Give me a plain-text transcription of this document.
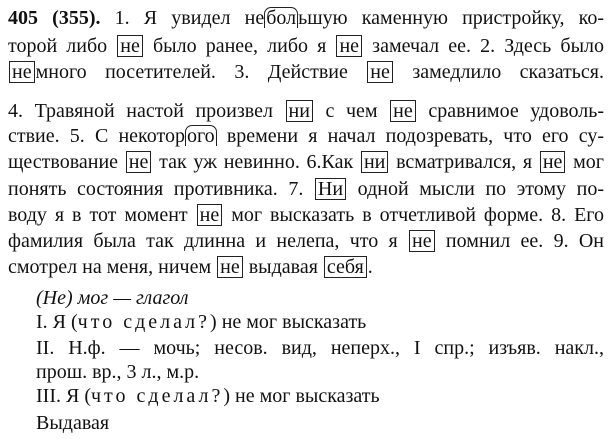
405 (355). 1. Я увидел не бол ьшую каменную пристройку, ко-
торой либо не было ранее, либо я не замечал ее. 2. Здесь было
не много посетителей. 3. Действие не замедлило сказаться.
4. Травяной настой произвел ни с чем не сравнимое удоволь-
ствие. 5. С некотор ого времени я начал подозревать, что его су-
ществование не так уж невинно. 6.Как ни всматривался, я не мог
понять состояния противника. 7. Ни одной мысли по этому по-
воду я в тот момент не мог высказать в отчетливой форме. 8. Его
фамилия была так длинна и нелепа, что я не помнил ее. 9. Он
смотрел на меня, ничем не выдавая себя .
(Не) мог — глагол
I. Я (что сделал?) не мог высказать
II. Н.ф. — мочь; несов. вид, неперх., I спр.; изъяв. накл.,
прош. вр., 3 л., м.р.
III. Я (что сделал?) не мог высказать
Выдавая
